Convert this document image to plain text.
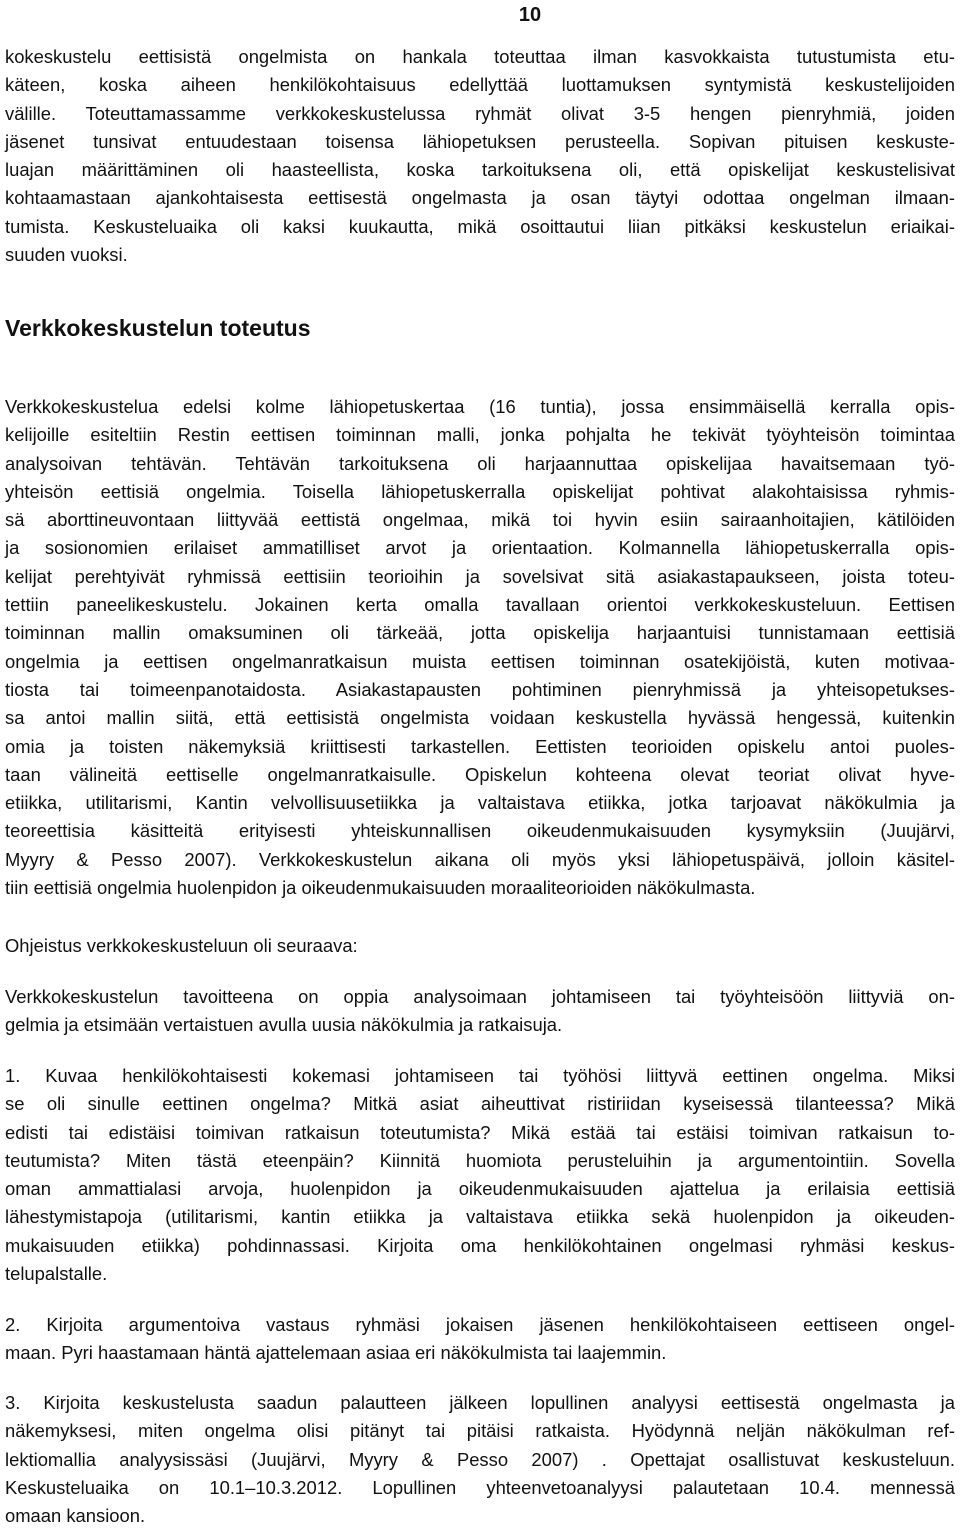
10
kokeskustelu eettisistä ongelmista on hankala toteuttaa ilman kasvokkaista tutustumista etu-
käteen, koska aiheen henkilökohtaisuus edellyttää luottamuksen syntymistä keskustelijoiden
välille. Toteuttamassamme verkkokeskustelussa ryhmät olivat 3-5 hengen pienryhmiä, joiden
jäsenet tunsivat entuudestaan toisensa lähiopetuksen perusteella. Sopivan pituisen keskuste-
luajan määrittäminen oli haasteellista, koska tarkoituksena oli, että opiskelijat keskustelisivat
kohtaamastaan ajankohtaisesta eettisestä ongelmasta ja osan täytyi odottaa ongelman ilmaan-
tumista. Keskusteluaika oli kaksi kuukautta, mikä osoittautui liian pitkäksi keskustelun eriaikai-
suuden vuoksi.
Verkkokeskustelun toteutus
Verkkokeskustelua edelsi kolme lähiopetuskertaa (16 tuntia), jossa ensimmäisellä kerralla opis-
kelijoille esiteltiin Restin eettisen toiminnan malli, jonka pohjalta he tekivät työyhteisön toimintaa
analysoivan tehtävän. Tehtävän tarkoituksena oli harjaannuttaa opiskelijaa havaitsemaan työ-
yhteisön eettisiä ongelmia. Toisella lähiopetuskerralla opiskelijat pohtivat alakohtaisissa ryhmis-
sä aborttineuvontaan liittyvää eettistä ongelmaa, mikä toi hyvin esiin sairaanhoitajien, kätilöiden
ja sosionomien erilaiset ammatilliset arvot ja orientaation. Kolmannella lähiopetuskerralla opis-
kelijat perehtyivät ryhmissä eettisiin teorioihin ja sovelsivat sitä asiakastapaukseen, joista toteu-
tettiin paneelikeskustelu. Jokainen kerta omalla tavallaan orientoi verkkokeskusteluun. Eettisen
toiminnan mallin omaksuminen oli tärkeää, jotta opiskelija harjaantuisi tunnistamaan eettisiä
ongelmia ja eettisen ongelmanratkaisun muista eettisen toiminnan osatekijöistä, kuten motivaa-
tiosta tai toimeenpanotaidosta. Asiakastapausten pohtiminen pienryhmissä ja yhteisopetukses-
sa antoi mallin siitä, että eettisistä ongelmista voidaan keskustella hyvässä hengessä, kuitenkin
omia ja toisten näkemyksiä kriittisesti tarkastellen. Eettisten teorioiden opiskelu antoi puoles-
taan välineitä eettiselle ongelmanratkaisulle. Opiskelun kohteena olevat teoriat olivat hyve-
etiikka, utilitarismi, Kantin velvollisuusetiikka ja valtaistava etiikka, jotka tarjoavat näkökulmia ja
teoreettisia käsitteitä erityisesti yhteiskunnallisen oikeudenmukaisuuden kysymyksiin (Juujärvi,
Myyry & Pesso 2007). Verkkokeskustelun aikana oli myös yksi lähiopetuspäivä, jolloin käsitel-
tiin eettisiä ongelmia huolenpidon ja oikeudenmukaisuuden moraaliteorioiden näkökulmasta.

Ohjeistus verkkokeskusteluun oli seuraava:

Verkkokeskustelun tavoitteena on oppia analysoimaan johtamiseen tai työyhteisöön liittyviä on-
gelmia ja etsimään vertaistuen avulla uusia näkökulmia ja ratkaisuja.
1. Kuvaa henkilökohtaisesti kokemasi johtamiseen tai työhösi liittyvä eettinen ongelma. Miksi
se oli sinulle eettinen ongelma? Mitkä asiat aiheuttivat ristiriidan kyseisessä tilanteessa? Mikä
edisti tai edistäisi toimivan ratkaisun toteutumista? Mikä estää tai estäisi toimivan ratkaisun to-
teutumista? Miten tästä eteenpäin? Kiinnitä huomiota perusteluihin ja argumentointiin. Sovella
oman ammattialasi arvoja, huolenpidon ja oikeudenmukaisuuden ajattelua ja erilaisia eettisiä
lähestymistapoja (utilitarismi, kantin etiikka ja valtaistava etiikka sekä huolenpidon ja oikeuden-
mukaisuuden etiikka) pohdinnassasi. Kirjoita oma henkilökohtainen ongelmasi ryhmäsi keskus-
telupalstalle.
2. Kirjoita argumentoiva vastaus ryhmäsi jokaisen jäsenen henkilökohtaiseen eettiseen ongel-
maan. Pyri haastamaan häntä ajattelemaan asiaa eri näkökulmista tai laajemmin.
3. Kirjoita keskustelusta saadun palautteen jälkeen lopullinen analyysi eettisestä ongelmasta ja
näkemyksesi, miten ongelma olisi pitänyt tai pitäisi ratkaista. Hyödynnä neljän näkökulman ref-
lektiomallia analyysissäsi (Juujärvi, Myyry & Pesso 2007) . Opettajat osallistuvat keskusteluun.
Keskusteluaika on 10.1–10.3.2012. Lopullinen yhteenvetoanalyysi palautetaan 10.4. mennessä
omaan kansioon.
